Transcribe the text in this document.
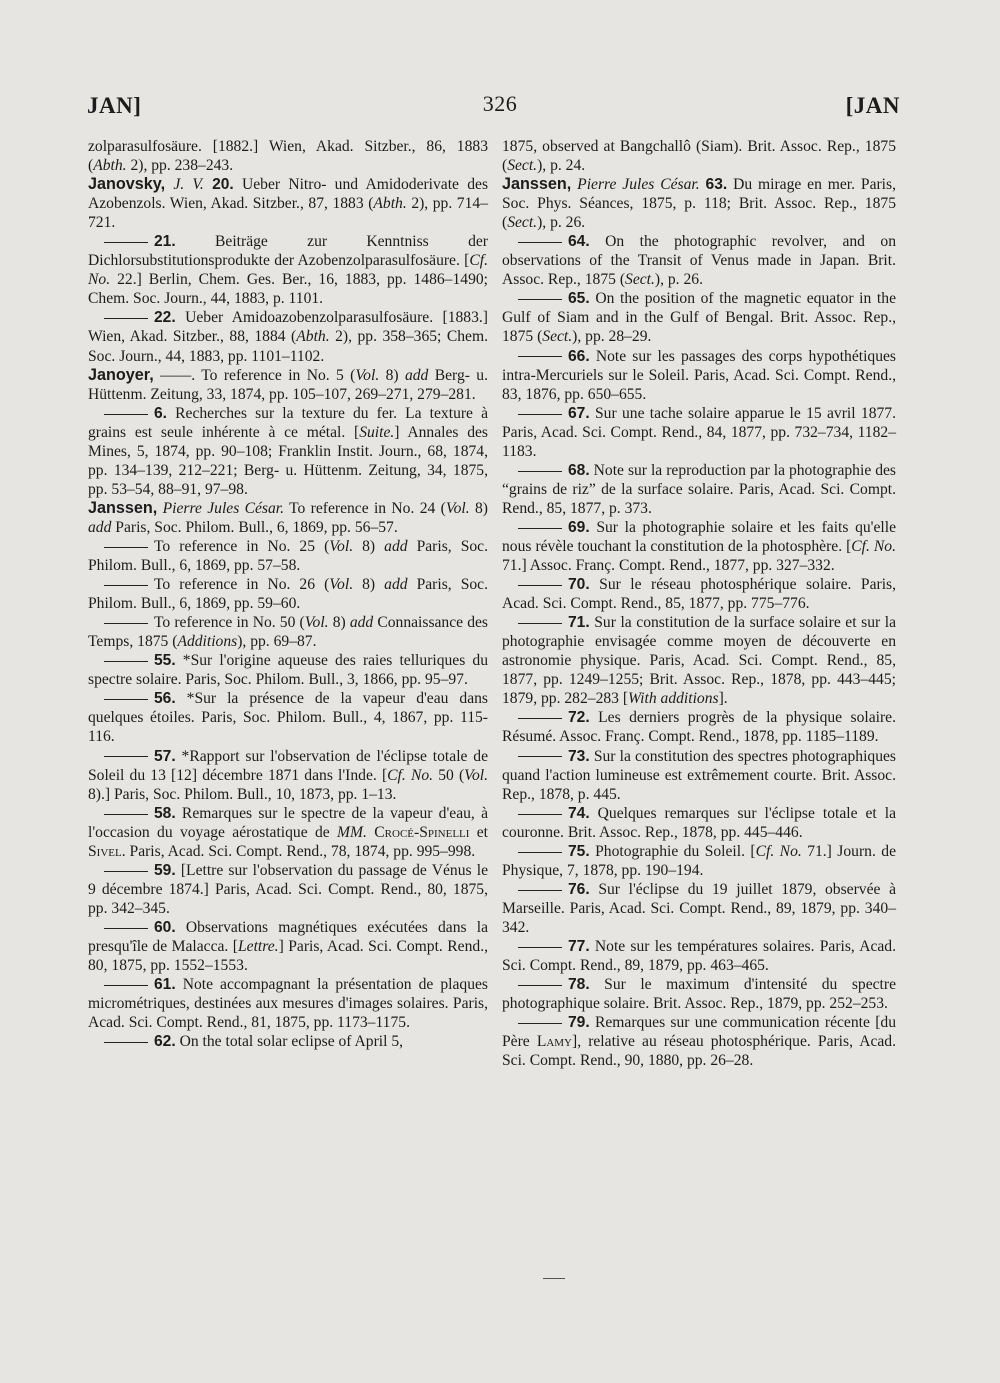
JAN]	326	[JAN

zolparasulfosäure. [1882.] Wien, Akad. Sitzber., 86, 1883 (Abth. 2), pp. 238–243.

Janovsky, J. V. 20. Ueber Nitro- und Amidoderivate des Azobenzols. Wien, Akad. Sitzber., 87, 1883 (Abth. 2), pp. 714–721.

21. Beiträge zur Kenntniss der Dichlorsubstitutionsprodukte der Azobenzolparasulfosäure. [Cf. No. 22.] Berlin, Chem. Ges. Ber., 16, 1883, pp. 1486–1490; Chem. Soc. Journ., 44, 1883, p. 1101.

22. Ueber Amidoazobenzolparasulfosäure. [1883.] Wien, Akad. Sitzber., 88, 1884 (Abth. 2), pp. 358–365; Chem. Soc. Journ., 44, 1883, pp. 1101–1102.

Janoyer, ——. To reference in No. 5 (Vol. 8) add Berg- u. Hüttenm. Zeitung, 33, 1874, pp. 105–107, 269–271, 279–281.

6. Recherches sur la texture du fer. La texture à grains est seule inhérente à ce métal. [Suite.] Annales des Mines, 5, 1874, pp. 90–108; Franklin Instit. Journ., 68, 1874, pp. 134–139, 212–221; Berg- u. Hüttenm. Zeitung, 34, 1875, pp. 53–54, 88–91, 97–98.

Janssen, Pierre Jules César. To reference in No. 24 (Vol. 8) add Paris, Soc. Philom. Bull., 6, 1869, pp. 56–57.

To reference in No. 25 (Vol. 8) add Paris, Soc. Philom. Bull., 6, 1869, pp. 57–58.

To reference in No. 26 (Vol. 8) add Paris, Soc. Philom. Bull., 6, 1869, pp. 59–60.

To reference in No. 50 (Vol. 8) add Connaissance des Temps, 1875 (Additions), pp. 69–87.

55. *Sur l'origine aqueuse des raies telluriques du spectre solaire. Paris, Soc. Philom. Bull., 3, 1866, pp. 95–97.

56. *Sur la présence de la vapeur d'eau dans quelques étoiles. Paris, Soc. Philom. Bull., 4, 1867, pp. 115-116.

57. *Rapport sur l'observation de l'éclipse totale de Soleil du 13 [12] décembre 1871 dans l'Inde. [Cf. No. 50 (Vol. 8).] Paris, Soc. Philom. Bull., 10, 1873, pp. 1–13.

58. Remarques sur le spectre de la vapeur d'eau, à l'occasion du voyage aérostatique de MM. Crocé-Spinelli et Sivel. Paris, Acad. Sci. Compt. Rend., 78, 1874, pp. 995–998.

59. [Lettre sur l'observation du passage de Vénus le 9 décembre 1874.] Paris, Acad. Sci. Compt. Rend., 80, 1875, pp. 342–345.

60. Observations magnétiques exécutées dans la presqu'île de Malacca. [Lettre.] Paris, Acad. Sci. Compt. Rend., 80, 1875, pp. 1552–1553.

61. Note accompagnant la présentation de plaques micrométriques, destinées aux mesures d'images solaires. Paris, Acad. Sci. Compt. Rend., 81, 1875, pp. 1173–1175.

62. On the total solar eclipse of April 5,

1875, observed at Bangchallô (Siam). Brit. Assoc. Rep., 1875 (Sect.), p. 24.

Janssen, Pierre Jules César. 63. Du mirage en mer. Paris, Soc. Phys. Séances, 1875, p. 118; Brit. Assoc. Rep., 1875 (Sect.), p. 26.

64. On the photographic revolver, and on observations of the Transit of Venus made in Japan. Brit. Assoc. Rep., 1875 (Sect.), p. 26.

65. On the position of the magnetic equator in the Gulf of Siam and in the Gulf of Bengal. Brit. Assoc. Rep., 1875 (Sect.), pp. 28–29.

66. Note sur les passages des corps hypothétiques intra-Mercuriels sur le Soleil. Paris, Acad. Sci. Compt. Rend., 83, 1876, pp. 650–655.

67. Sur une tache solaire apparue le 15 avril 1877. Paris, Acad. Sci. Compt. Rend., 84, 1877, pp. 732–734, 1182–1183.

68. Note sur la reproduction par la photographie des “grains de riz” de la surface solaire. Paris, Acad. Sci. Compt. Rend., 85, 1877, p. 373.

69. Sur la photographie solaire et les faits qu'elle nous révèle touchant la constitution de la photosphère. [Cf. No. 71.] Assoc. Franç. Compt. Rend., 1877, pp. 327–332.

70. Sur le réseau photosphérique solaire. Paris, Acad. Sci. Compt. Rend., 85, 1877, pp. 775–776.

71. Sur la constitution de la surface solaire et sur la photographie envisagée comme moyen de découverte en astronomie physique. Paris, Acad. Sci. Compt. Rend., 85, 1877, pp. 1249–1255; Brit. Assoc. Rep., 1878, pp. 443–445; 1879, pp. 282–283 [With additions].

72. Les derniers progrès de la physique solaire. Résumé. Assoc. Franç. Compt. Rend., 1878, pp. 1185–1189.

73. Sur la constitution des spectres photographiques quand l'action lumineuse est extrêmement courte. Brit. Assoc. Rep., 1878, p. 445.

74. Quelques remarques sur l'éclipse totale et la couronne. Brit. Assoc. Rep., 1878, pp. 445–446.

75. Photographie du Soleil. [Cf. No. 71.] Journ. de Physique, 7, 1878, pp. 190–194.

76. Sur l'éclipse du 19 juillet 1879, observée à Marseille. Paris, Acad. Sci. Compt. Rend., 89, 1879, pp. 340–342.

77. Note sur les températures solaires. Paris, Acad. Sci. Compt. Rend., 89, 1879, pp. 463–465.

78. Sur le maximum d'intensité du spectre photographique solaire. Brit. Assoc. Rep., 1879, pp. 252–253.

79. Remarques sur une communication récente [du Père Lamy], relative au réseau photosphérique. Paris, Acad. Sci. Compt. Rend., 90, 1880, pp. 26–28.
